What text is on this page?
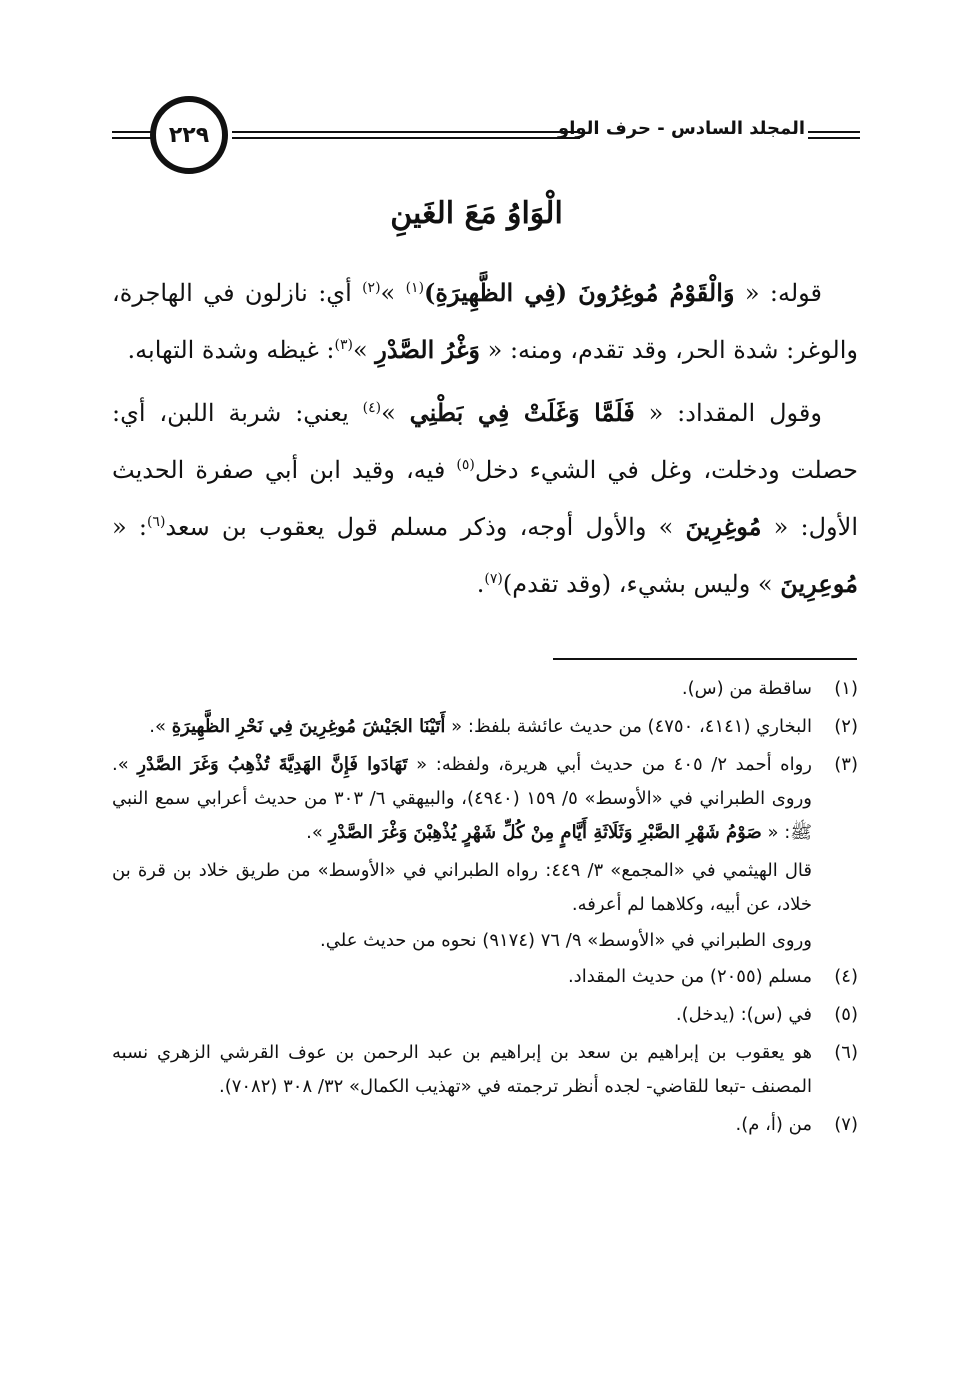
المجلد السادس - حرف الواو
٢٢٩
الْوَاوُ مَعَ الغَينِ

قوله: « وَالْقَوْمُ مُوغِرُونَ (فِي الظَّهِيرَةِ)$^{(١)}$ »$^{(٢)}$ أي: نازلون في الهاجرة، والوغر: شدة الحر، وقد تقدم، ومنه: « وَغْرُ الصَّدْرِ »$^{(٣)}$: غيظه وشدة التهابه.

وقول المقداد: « فَلَمَّا وَغَلَتْ فِي بَطْنِي »$^{(٤)}$ يعني: شربة اللبن، أي: حصلت ودخلت، وغل في الشيء دخل$^{(٥)}$ فيه، وقيد ابن أبي صفرة الحديث الأول: « مُوغِرِينَ » والأول أوجه، وذكر مسلم قول يعقوب بن سعد$^{(٦)}$: « مُوعِرِينَ » وليس بشيء، (وقد تقدم)$^{(٧)}$.

(١)
ساقطة من (س).
(٢)
البخاري (٤١٤١، ٤٧٥٠) من حديث عائشة بلفظ: « أَتَيْنَا الجَيْشَ مُوغِرِينَ فِي نَحْرِ الظَّهِيرَةِ ».
(٣)
رواه أحمد ٢/ ٤٠٥ من حديث أبي هريرة، ولفظه: « تَهَادَوا فَإِنَّ الهَدِيَّةَ تُذْهِبُ وَغَرَ الصَّدْرِ ». وروى الطبراني في «الأوسط» ٥/ ١٥٩ (٤٩٤٠)، والبيهقي ٦/ ٣٠٣ من حديث أعرابي سمع النبي ﷺ: « صَوْمُ شَهْرِ الصَّبْرِ وَثَلَاثَةِ أَيَّامٍ مِنْ كُلِّ شَهْرٍ يُذْهِبْنَ وَغْرَ الصَّدْرِ ».
قال الهيثمي في «المجمع» ٣/ ٤٤٩: رواه الطبراني في «الأوسط» من طريق خلاد بن قرة بن خلاد، عن أبيه، وكلاهما لم أعرفه.
وروى الطبراني في «الأوسط» ٩/ ٧٦ (٩١٧٤) نحوه من حديث علي.
(٤)
مسلم (٢٠٥٥) من حديث المقداد.
(٥)
في (س): (يدخل).
(٦)
هو يعقوب بن إبراهيم بن سعد بن إبراهيم بن عبد الرحمن بن عوف القرشي الزهري نسبه المصنف -تبعا للقاضي- لجده أنظر ترجمته في «تهذيب الكمال» ٣٢/ ٣٠٨ (٧٠٨٢).
(٧)
من (أ، م).
